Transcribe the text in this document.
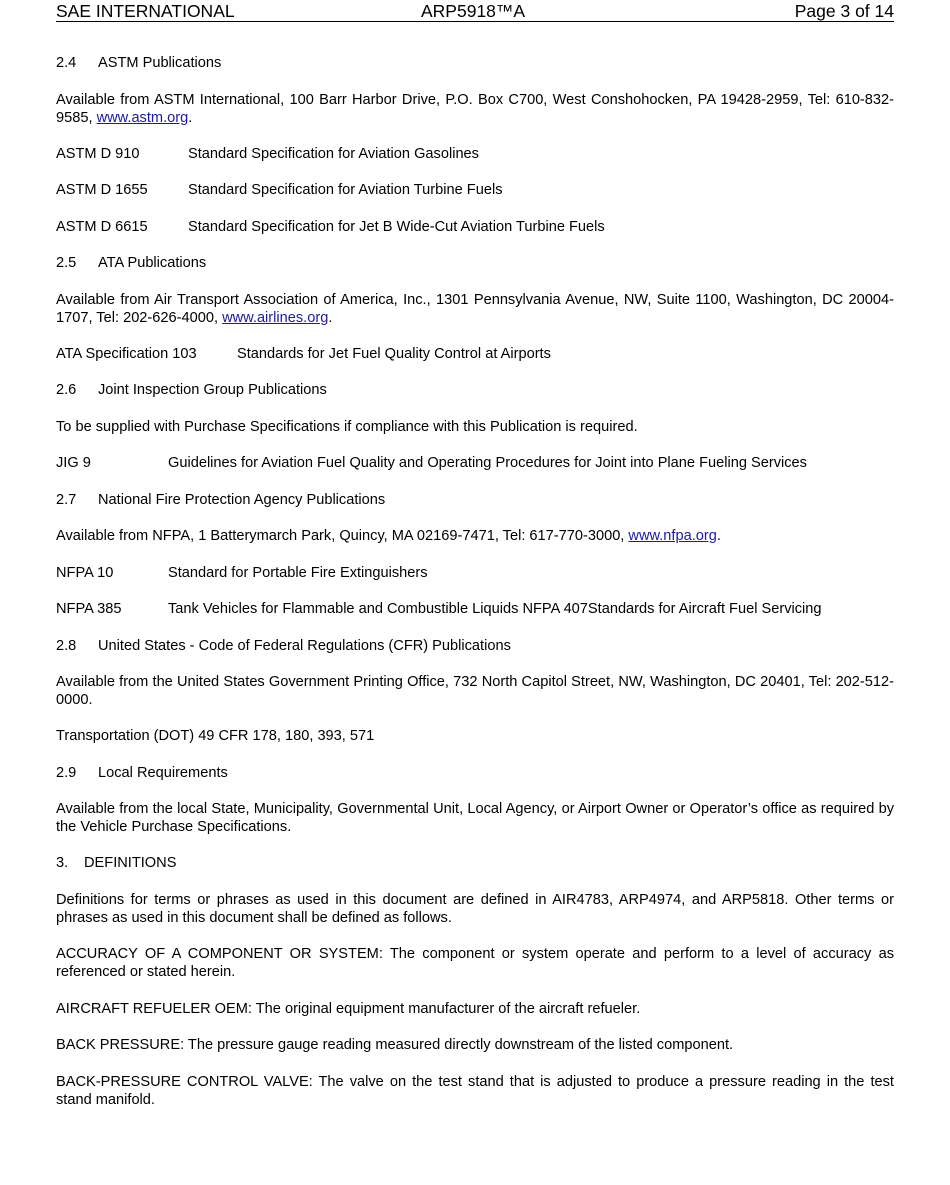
SAE INTERNATIONAL	ARP5918™A	Page 3 of 14
2.4 ASTM Publications
Available from ASTM International, 100 Barr Harbor Drive, P.O. Box C700, West Conshohocken, PA 19428-2959, Tel: 610-832-9585, www.astm.org.
ASTM D 910	Standard Specification for Aviation Gasolines
ASTM D 1655	Standard Specification for Aviation Turbine Fuels
ASTM D 6615	Standard Specification for Jet B Wide-Cut Aviation Turbine Fuels
2.5 ATA Publications
Available from Air Transport Association of America, Inc., 1301 Pennsylvania Avenue, NW, Suite 1100, Washington, DC 20004-1707, Tel: 202-626-4000, www.airlines.org.
ATA Specification 103	Standards for Jet Fuel Quality Control at Airports
2.6 Joint Inspection Group Publications
To be supplied with Purchase Specifications if compliance with this Publication is required.
JIG 9	Guidelines for Aviation Fuel Quality and Operating Procedures for Joint into Plane Fueling Services
2.7 National Fire Protection Agency Publications
Available from NFPA, 1 Batterymarch Park, Quincy, MA 02169-7471, Tel: 617-770-3000, www.nfpa.org.
NFPA 10	Standard for Portable Fire Extinguishers
NFPA 385	Tank Vehicles for Flammable and Combustible Liquids NFPA 407Standards for Aircraft Fuel Servicing
2.8 United States - Code of Federal Regulations (CFR) Publications
Available from the United States Government Printing Office, 732 North Capitol Street, NW, Washington, DC 20401, Tel: 202-512-0000.
Transportation (DOT) 49 CFR 178, 180, 393, 571
2.9 Local Requirements
Available from the local State, Municipality, Governmental Unit, Local Agency, or Airport Owner or Operator’s office as required by the Vehicle Purchase Specifications.
3. DEFINITIONS
Definitions for terms or phrases as used in this document are defined in AIR4783, ARP4974, and ARP5818. Other terms or phrases as used in this document shall be defined as follows.
ACCURACY OF A COMPONENT OR SYSTEM: The component or system operate and perform to a level of accuracy as referenced or stated herein.
AIRCRAFT REFUELER OEM: The original equipment manufacturer of the aircraft refueler.
BACK PRESSURE: The pressure gauge reading measured directly downstream of the listed component.
BACK-PRESSURE CONTROL VALVE: The valve on the test stand that is adjusted to produce a pressure reading in the test stand manifold.
